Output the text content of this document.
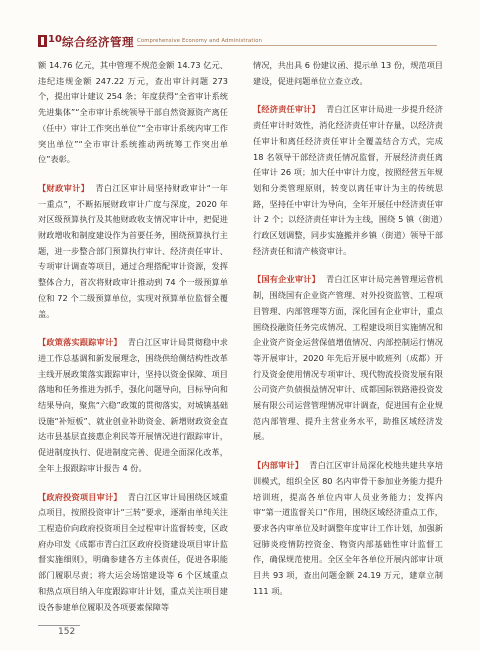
10 综合经济管理 Comprehensive Economy and Administration

额 14.76 亿元，其中管理不规范金额 14.73 亿元、违纪违规金额 247.22 万元，查出审计问题 273 个，提出审计建议 254 条；年度获得“全省审计系统先进集体”“全市审计系统领导干部自然资源资产离任（任中）审计工作突出单位”“全市审计系统内审工作突出单位”“全市审计系统推动两统筹工作突出单位”表彰。

【财政审计】 青白江区审计局坚持财政审计“一年一重点”，不断拓展财政审计广度与深度，2020 年对区级预算执行及其他财政收支情况审计中，把促进财政增收和制度建设作为首要任务，围绕预算执行主题，进一步整合部门预算执行审计、经济责任审计、专项审计调查等项目，通过合理搭配审计资源，发挥整体合力，首次将财政审计推动到 74 个一级预算单位和 72 个二级预算单位，实现对预算单位监督全覆盖。

【政策落实跟踪审计】 青白江区审计局贯彻稳中求进工作总基调和新发展理念，围绕供给侧结构性改革主线开展政策落实跟踪审计，坚持以资金保障、项目落地和任务推进为抓手，强化问题导向，目标导向和结果导向，聚焦“六稳”政策的贯彻落实，对城镇基础设施“补短板”、就业创业补助资金、新增财政资金直达市县基层直接惠企利民等开展情况进行跟踪审计，促进制度执行、促进制度完善、促进全面深化改革，全年上报跟踪审计报告 4 份。

【政府投资项目审计】 青白江区审计局围绕区域重点项目，按照投资审计“三转”要求，逐渐由单纯关注工程造价向政府投资项目全过程审计监督转变，区政府办印发《成都市青白江区政府投资建设项目审计监督实施细则》，明确参建各方主体责任，促进各职能部门履职尽责；将大运会场馆建设等 6 个区域重点和热点项目纳入年度跟踪审计计划，重点关注项目建设各参建单位履职及各项要素保障等

情况，共出具 6 份建议函、提示单 13 份，规范项目建设，促进问题单位立查立改。

【经济责任审计】 青白江区审计局进一步提升经济责任审计时效性，消化经济责任审计存量，以经济责任审计和离任经济责任审计全覆盖结合方式，完成 18 名领导干部经济责任情况监督，开展经济责任离任审计 26 项；加大任中审计力度，按照经营五年规划和分类管理原则，转变以离任审计为主的传统思路，坚持任中审计为导向，全年开展任中经济责任审计 2 个；以经济责任审计为主线，围绕 5 镇（街道）行政区划调整，同步实施搬并乡镇（街道）领导干部经济责任和清产核资审计。

【国有企业审计】 青白江区审计局完善管理运营机制，围绕国有企业资产管理、对外投资监管、工程项目管理、内部管理等方面，深化国有企业审计，重点围绕投融资任务完成情况、工程建设项目实施情况和企业资产资金运营保值增值情况、内部控制运行情况等开展审计，2020 年先后开展中欧班列（成都）开行及资金使用情况专项审计、现代物流投资发展有限公司资产负债损益情况审计、成都国际铁路港投资发展有限公司运营管理情况审计调查，促进国有企业规范内部管理、提升主营业务水平，助推区域经济发展。

【内部审计】 青白江区审计局深化校地共建共享培训模式，组织全区 80 名内审骨干参加业务能力提升培训班，提高各单位内审人员业务能力；发挥内审“第一道监督关口”作用，围绕区域经济重点工作，要求各内审单位及时调整年度审计工作计划，加强新冠肺炎疫情防控资金、物资内部基础性审计监督工作，确保规范使用。全区全年各单位开展内部审计项目共 93 项，查出问题金额 24.19 万元，建章立制 111 项。

152
